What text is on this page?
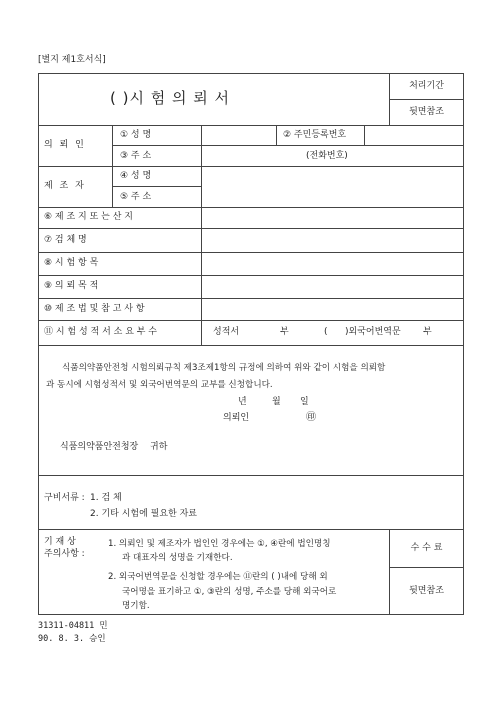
[별지 제1호서식]
( )시 험 의 뢰 서
처리기간
뒷면참조
의 뢰 인
① 성 명	② 주민등록번호
③ 주 소	(전화번호)
제 조 자
④ 성 명
⑤ 주 소
⑥ 제 조 지 또 는 산 지
⑦ 검 체 명
⑧ 시 험 항 목
⑨ 의 뢰 목 적
⑩ 제 조 법 및 참 고 사 항
⑪ 시 험 성 적 서 소 요 부 수	성적서	부	( )외국어번역문 부
식품의약품안전청 시험의뢰규칙 제3조제1항의 규정에 의하여 위와 같이 시험을 의뢰함
과 동시에 시험성적서 및 외국어번역문의 교부를 신청합니다.
년	월 일
의뢰인	㊞
식품의약품안전청장 귀하
구비서류 : 1. 검 체
2. 기타 시험에 필요한 자료
기 재 상
주의사항 :
1. 의뢰인 및 제조자가 법인인 경우에는 ①, ④란에 법인명칭
과 대표자의 성명을 기재한다.
2. 외국어번역문을 신청할 경우에는 ⑪란의 ( )내에 당해 외
국어명을 표기하고 ①, ③란의 성명, 주소를 당해 외국어로
명기함.
수 수 료
뒷면참조
31311-04811 민
90. 8. 3. 승인
